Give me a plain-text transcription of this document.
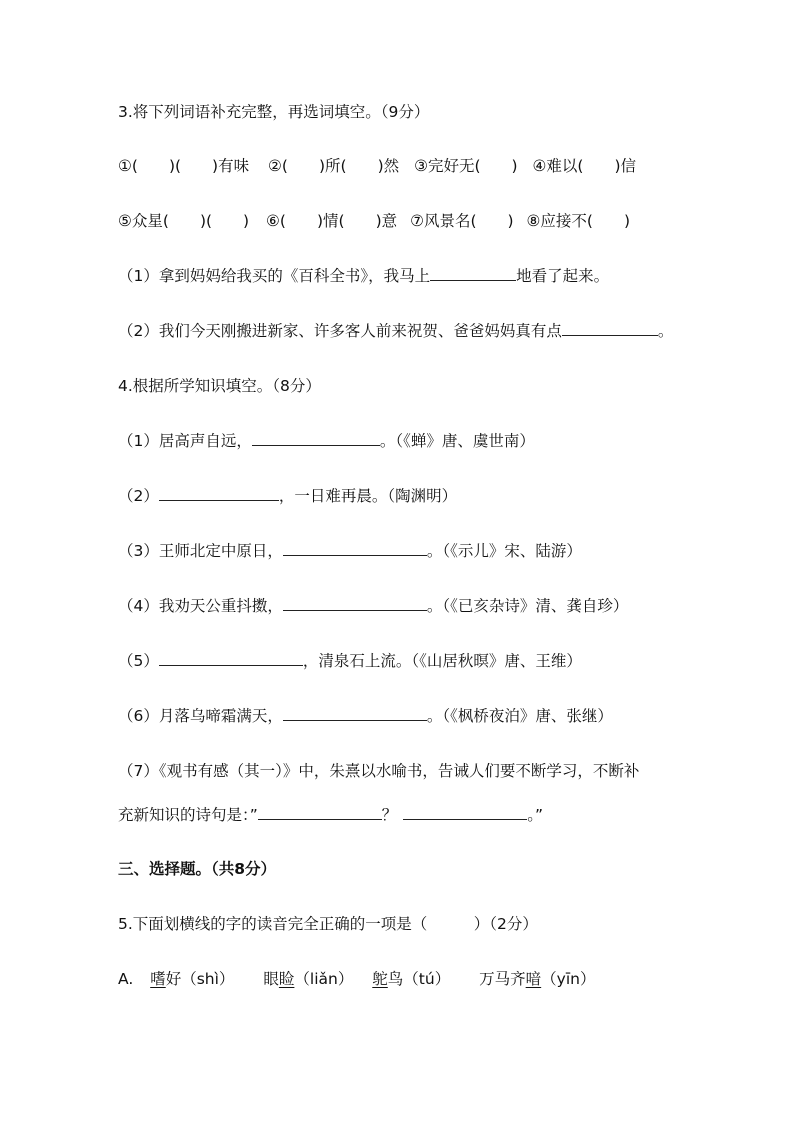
3.将下列词语补充完整，再选词填空。（9分）
①(　　)(　　)有味 ②(　　)所(　　)然 ③完好无(　　) ④难以(　　)信
⑤众星(　　)(　　) ⑥(　　)情(　　)意 ⑦风景名(　　) ⑧应接不(　　)
（1）拿到妈妈给我买的《百科全书》，我马上	地看了起来。
（2）我们今天刚搬进新家、许多客人前来祝贺、爸爸妈妈真有点	。
4.根据所学知识填空。（8分）
（1）居高声自远，	。（《蝉》唐、虞世南）
（2）	，一日难再晨。（陶渊明）
（3）王师北定中原日，	。（《示儿》宋、陆游）
（4）我劝天公重抖擞，	。（《已亥杂诗》清、龚自珍）
（5）	，清泉石上流。（《山居秋暝》唐、王维）
（6）月落乌啼霜满天，	。（《枫桥夜泊》唐、张继）
（7）《观书有感（其一）》中，朱熹以水喻书，告诫人们要不断学习，不断补
充新知识的诗句是：”	？	。”
三、选择题。（共8分）
5.下面划横线的字的读音完全正确的一项是（　　　）（2分）
A. 嗜好（shì） 眼睑（liǎn） 鸵鸟（tú） 万马齐喑（yīn）
